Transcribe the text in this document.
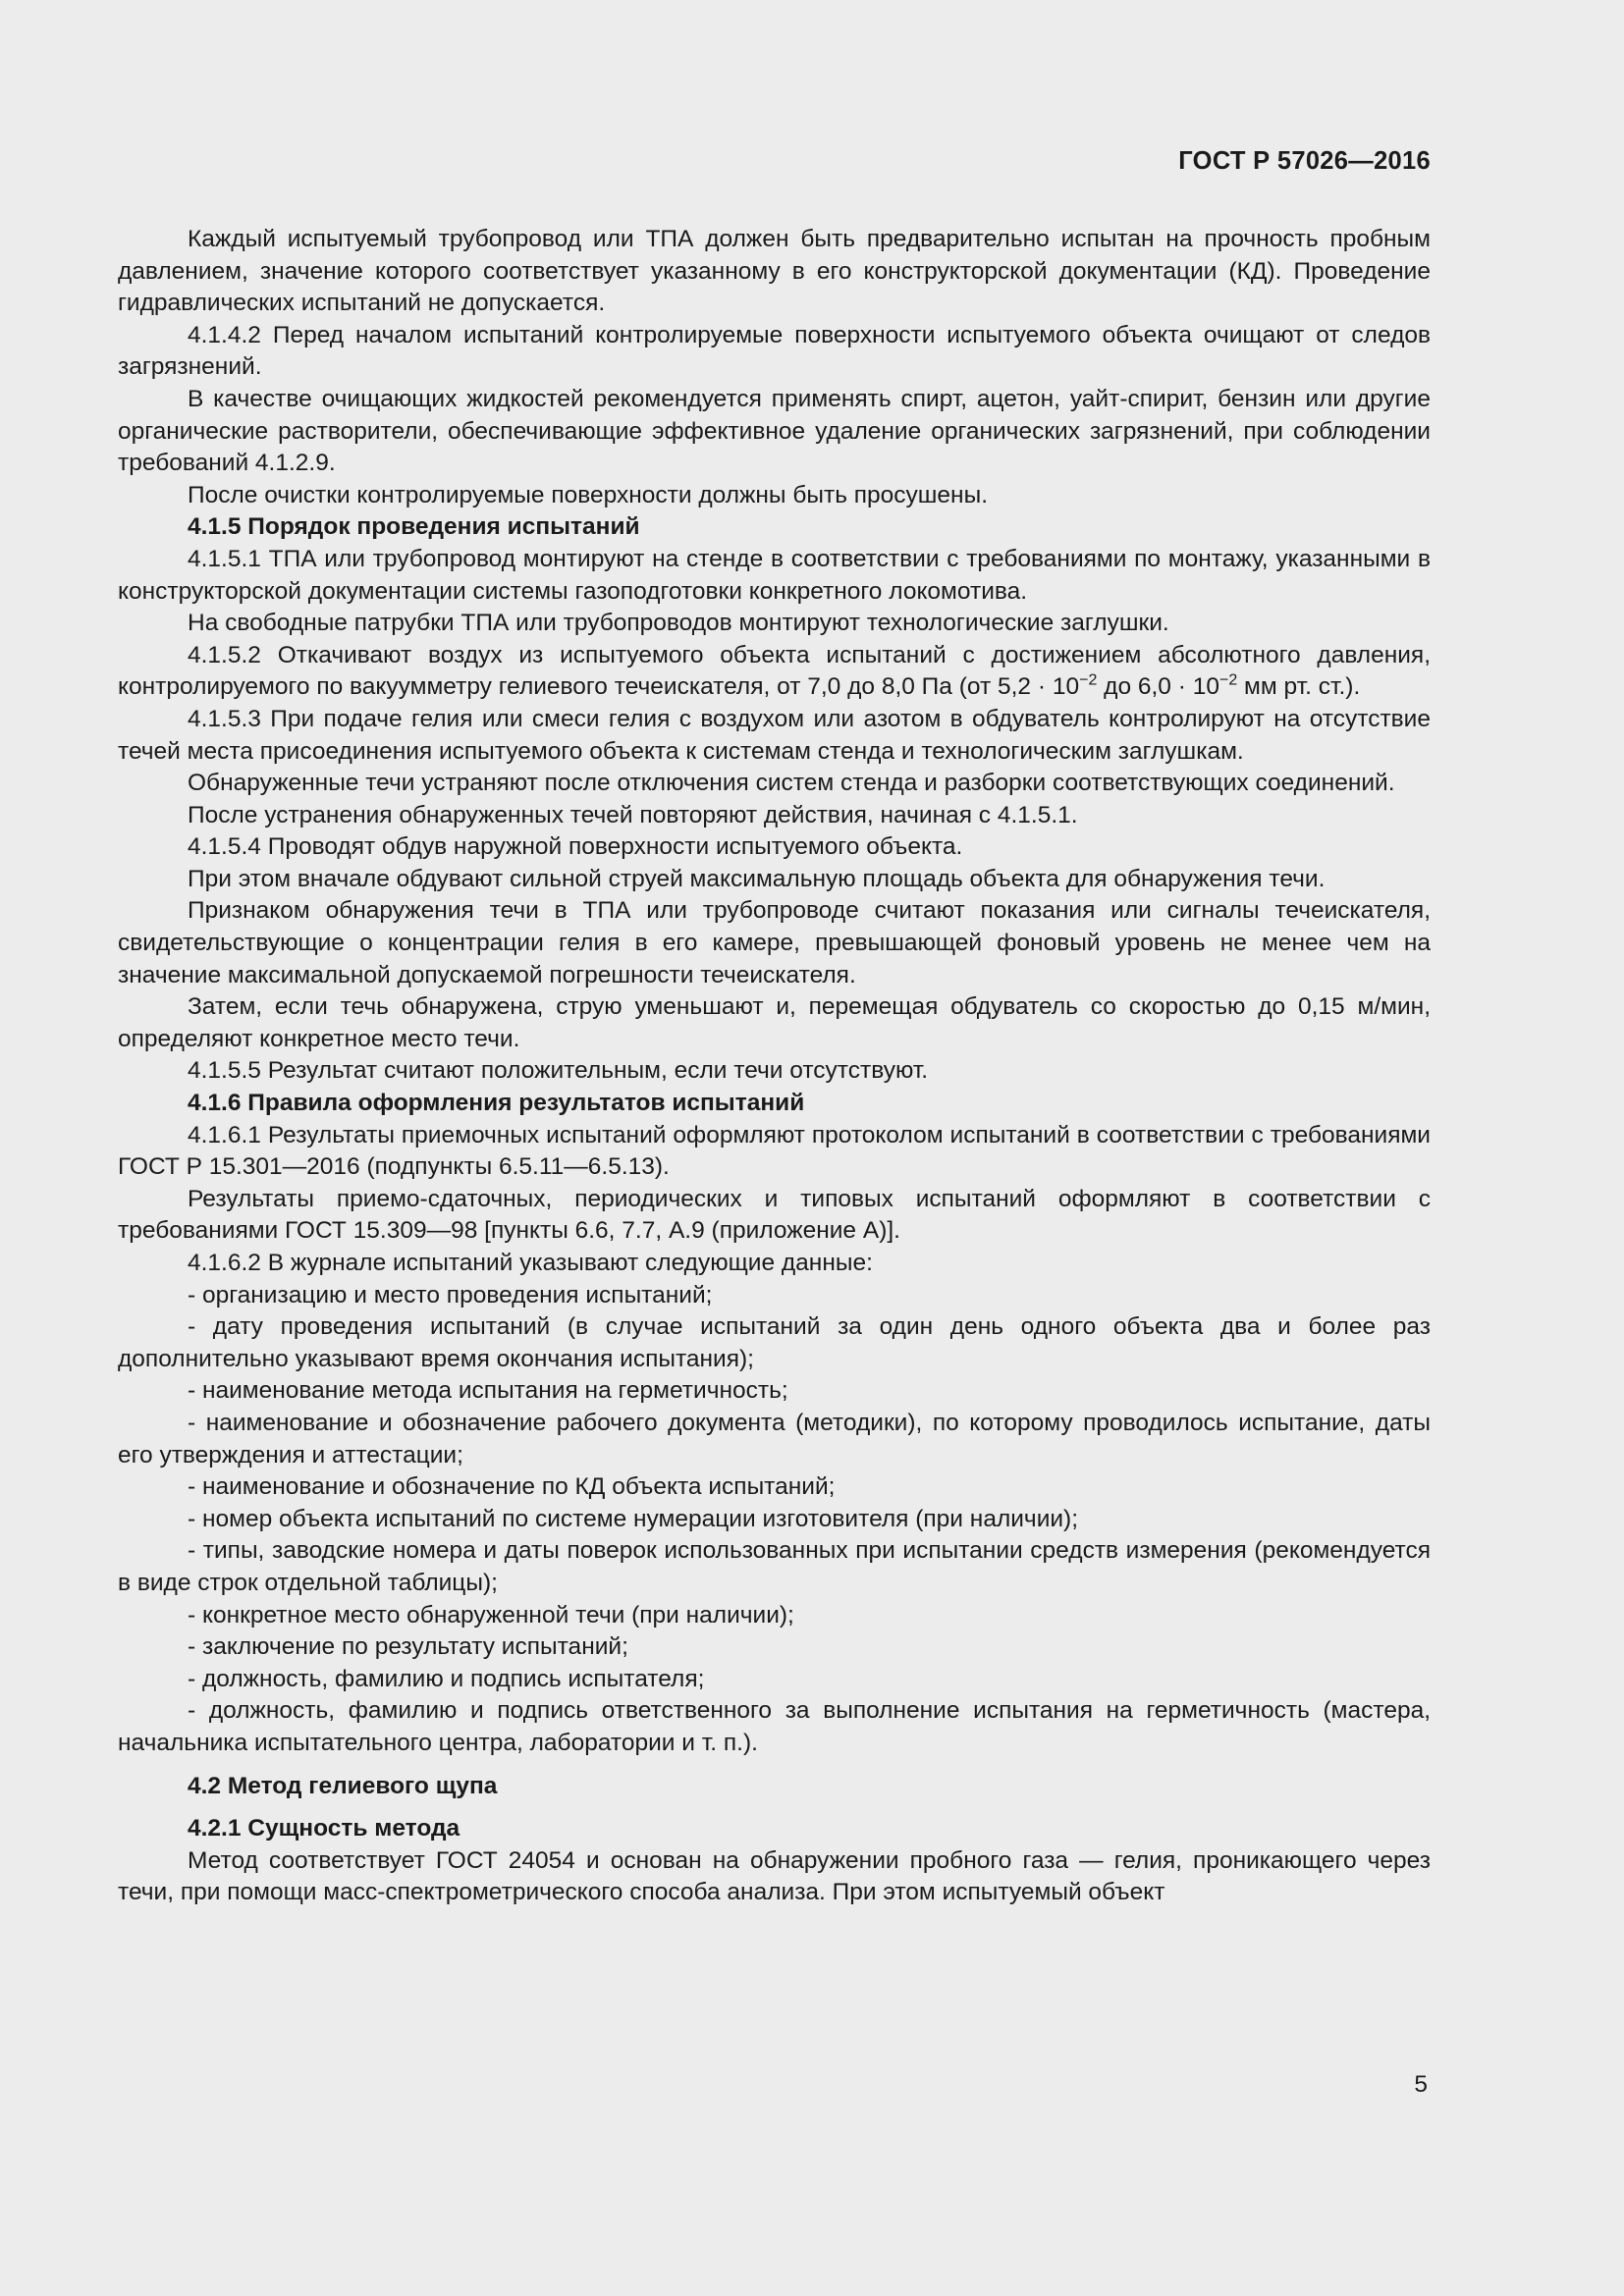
ГОСТ Р 57026—2016

Каждый испытуемый трубопровод или ТПА должен быть предварительно испытан на прочность пробным давлением, значение которого соответствует указанному в его конструкторской документации (КД). Проведение гидравлических испытаний не допускается.

4.1.4.2 Перед началом испытаний контролируемые поверхности испытуемого объекта очищают от следов загрязнений.

В качестве очищающих жидкостей рекомендуется применять спирт, ацетон, уайт-спирит, бензин или другие органические растворители, обеспечивающие эффективное удаление органических загрязнений, при соблюдении требований 4.1.2.9.

После очистки контролируемые поверхности должны быть просушены.

4.1.5 Порядок проведения испытаний

4.1.5.1 ТПА или трубопровод монтируют на стенде в соответствии с требованиями по монтажу, указанными в конструкторской документации системы газоподготовки конкретного локомотива.

На свободные патрубки ТПА или трубопроводов монтируют технологические заглушки.

4.1.5.2 Откачивают воздух из испытуемого объекта испытаний с достижением абсолютного давления, контролируемого по вакуумметру гелиевого течеискателя, от 7,0 до 8,0 Па (от $5,2 \cdot 10^{-2}$ до $6,0 \cdot 10^{-2}$ мм рт. ст.).

4.1.5.3 При подаче гелия или смеси гелия с воздухом или азотом в обдуватель контролируют на отсутствие течей места присоединения испытуемого объекта к системам стенда и технологическим заглушкам.

Обнаруженные течи устраняют после отключения систем стенда и разборки соответствующих соединений.

После устранения обнаруженных течей повторяют действия, начиная с 4.1.5.1.

4.1.5.4 Проводят обдув наружной поверхности испытуемого объекта.

При этом вначале обдувают сильной струей максимальную площадь объекта для обнаружения течи.

Признаком обнаружения течи в ТПА или трубопроводе считают показания или сигналы течеискателя, свидетельствующие о концентрации гелия в его камере, превышающей фоновый уровень не менее чем на значение максимальной допускаемой погрешности течеискателя.

Затем, если течь обнаружена, струю уменьшают и, перемещая обдуватель со скоростью до 0,15 м/мин, определяют конкретное место течи.

4.1.5.5 Результат считают положительным, если течи отсутствуют.

4.1.6 Правила оформления результатов испытаний

4.1.6.1 Результаты приемочных испытаний оформляют протоколом испытаний в соответствии с требованиями ГОСТ Р 15.301—2016 (подпункты 6.5.11—6.5.13).

Результаты приемо-сдаточных, периодических и типовых испытаний оформляют в соответствии с требованиями ГОСТ 15.309—98 [пункты 6.6, 7.7, А.9 (приложение А)].

4.1.6.2 В журнале испытаний указывают следующие данные:

- организацию и место проведения испытаний;

- дату проведения испытаний (в случае испытаний за один день одного объекта два и более раз дополнительно указывают время окончания испытания);

- наименование метода испытания на герметичность;

- наименование и обозначение рабочего документа (методики), по которому проводилось испытание, даты его утверждения и аттестации;

- наименование и обозначение по КД объекта испытаний;

- номер объекта испытаний по системе нумерации изготовителя (при наличии);

- типы, заводские номера и даты поверок использованных при испытании средств измерения (рекомендуется в виде строк отдельной таблицы);

- конкретное место обнаруженной течи (при наличии);

- заключение по результату испытаний;

- должность, фамилию и подпись испытателя;

- должность, фамилию и подпись ответственного за выполнение испытания на герметичность (мастера, начальника испытательного центра, лаборатории и т. п.).

4.2 Метод гелиевого щупа
4.2.1 Сущность метода

Метод соответствует ГОСТ 24054 и основан на обнаружении пробного газа — гелия, проникающего через течи, при помощи масс-спектрометрического способа анализа. При этом испытуемый объект

5
